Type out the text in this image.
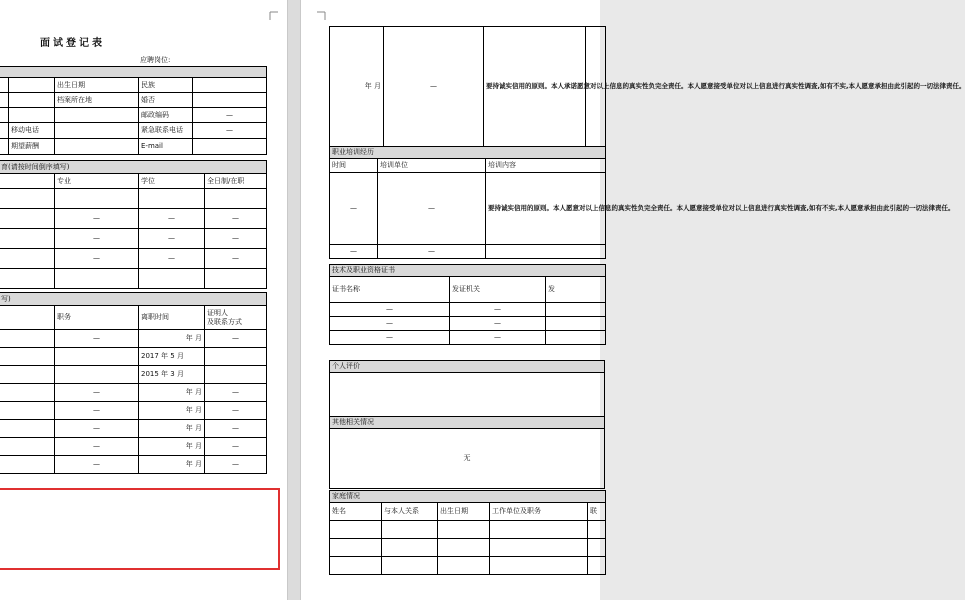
面试登记表
应聘岗位:

		出生日期	民族	
		档案所在地	婚否	
			邮政编码	—
	移动电话		紧急联系电话	—
	期望薪酬		E-mail	
育(请按时间倒序填写)			
	专业	学位	全日制/在职

	—	—	—
	—	—	—
	—	—	—

写)			
	职务	离职时间	证明人
及联系方式
	—	年 月	—
		2017 年 5 月	
		2015 年 3 月	
	—	年 月	—
	—	年 月	—
	—	年 月	—
	—	年 月	—
	—	年 月	—
年 月	—	要持诚实信用的原则。本人承诺愿意对以上信息的真实性负完全责任。本人愿意接受单位对以上信息进行真实性调查,如有不实,本人愿意承担由此引起的一切法律责任。	
职业培训经历		
时间	培训单位	培训内容
—	—	要持诚实信用的原则。本人愿意对以上信息的真实性负完全责任。本人愿意接受单位对以上信息进行真实性调查,如有不实,本人愿意承担由此引起的一切法律责任。
—	—	
技术及职业资格证书		
证书名称	发证机关	发
—	—	
—	—	
—	—	
个人评价

其他相关情况
无
家庭情况				
姓名	与本人关系	出生日期	工作单位及职务	联
